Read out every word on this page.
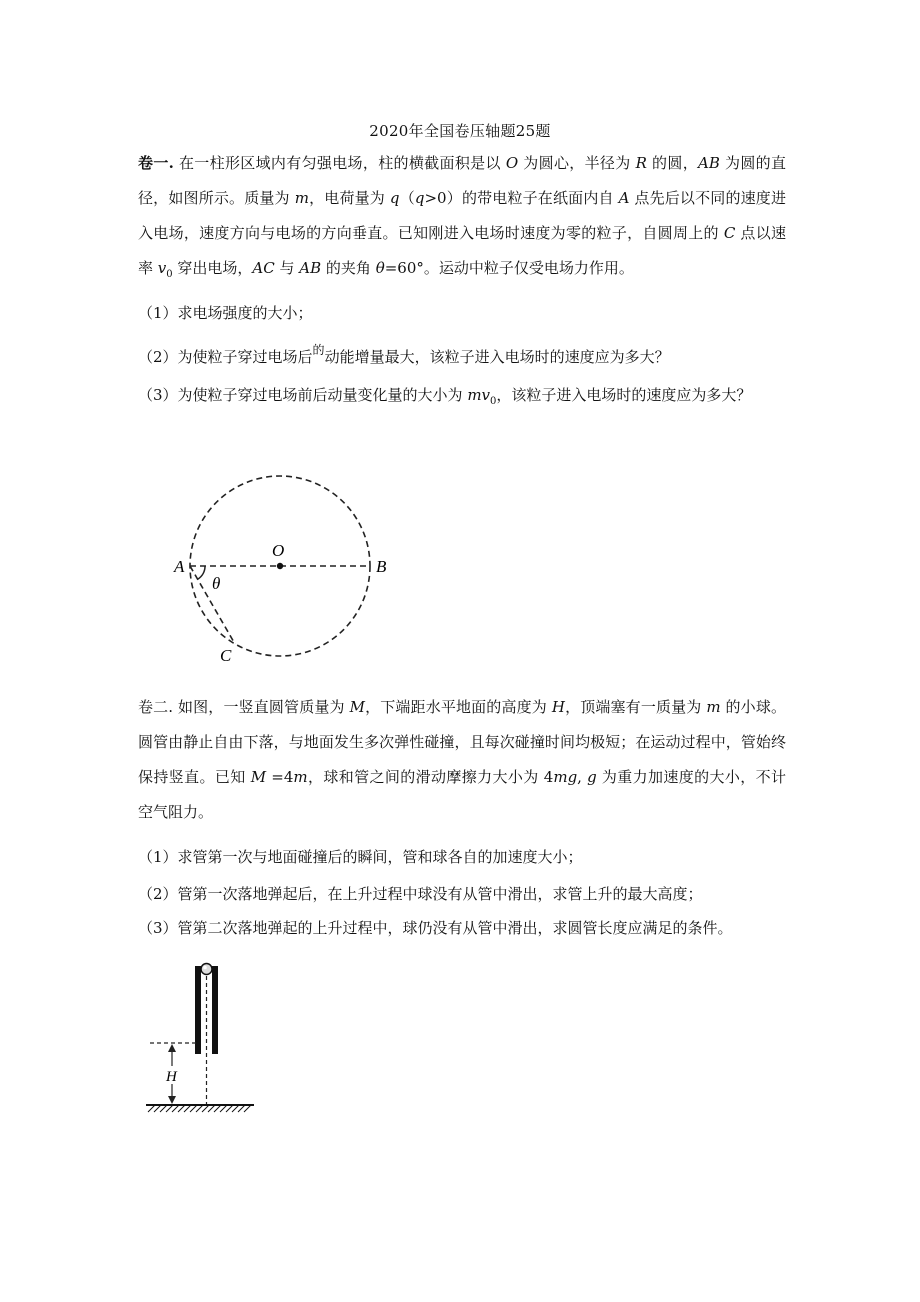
2020年全国卷压轴题25题
卷一. 在一柱形区域内有匀强电场，柱的横截面积是以 O 为圆心，半径为 R 的圆，AB 为圆的直径，如图所示。质量为 m，电荷量为 q（q>0）的带电粒子在纸面内自 A 点先后以不同的速度进入电场，速度方向与电场的方向垂直。已知刚进入电场时速度为零的粒子，自圆周上的 C 点以速率 $v_0$ 穿出电场，AC 与 AB 的夹角 θ=60°。运动中粒子仅受电场力作用。
（1）求电场强度的大小；
（2）为使粒子穿过电场后$^的$动能增量最大，该粒子进入电场时的速度应为多大？
（3）为使粒子穿过电场前后动量变化量的大小为 $mv_0$，该粒子进入电场时的速度应为多大？
O
A	B
θ
C
卷二. 如图，一竖直圆管质量为 M，下端距水平地面的高度为 H，顶端塞有一质量为 m 的小球。圆管由静止自由下落，与地面发生多次弹性碰撞，且每次碰撞时间均极短；在运动过程中，管始终保持竖直。已知 M =4m，球和管之间的滑动摩擦力大小为 4mg, g 为重力加速度的大小，不计空气阻力。
（1）求管第一次与地面碰撞后的瞬间，管和球各自的加速度大小；
（2）管第一次落地弹起后，在上升过程中球没有从管中滑出，求管上升的最大高度；
（3）管第二次落地弹起的上升过程中，球仍没有从管中滑出，求圆管长度应满足的条件。
H
